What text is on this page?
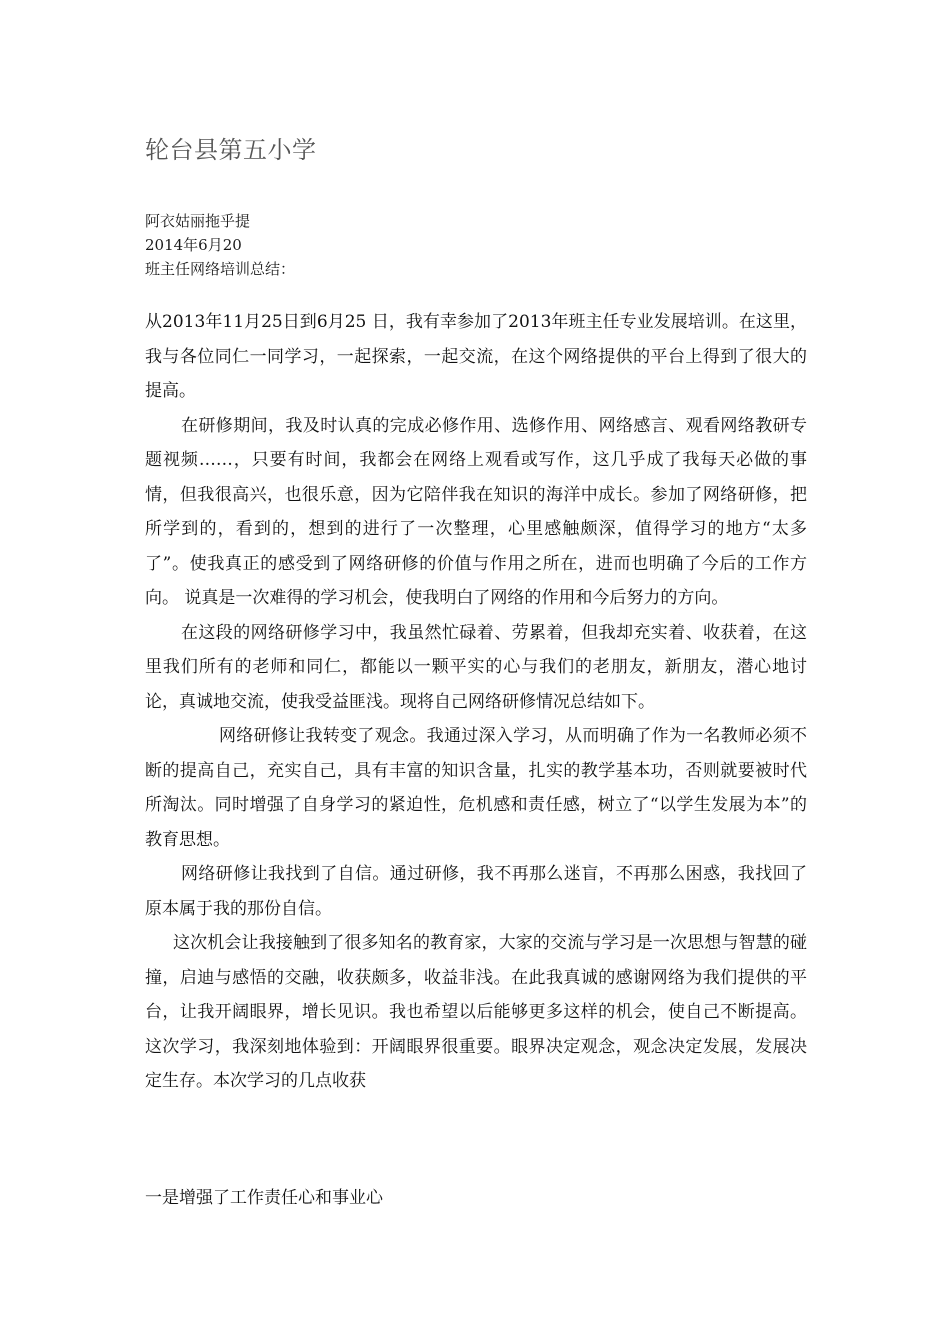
轮台县第五小学
阿衣姑丽拖乎提
2014年6月20
班主任网络培训总结：

从2013年11月25日到6月25 日，我有幸参加了2013年班主任专业发展培训。在这里，我与各位同仁一同学习，一起探索，一起交流，在这个网络提供的平台上得到了很大的提高。

在研修期间，我及时认真的完成必修作用、选修作用、网络感言、观看网络教研专题视频……，只要有时间，我都会在网络上观看或写作，这几乎成了我每天必做的事情，但我很高兴，也很乐意，因为它陪伴我在知识的海洋中成长。参加了网络研修，把所学到的，看到的，想到的进行了一次整理，心里感触颇深，值得学习的地方“太多了”。使我真正的感受到了网络研修的价值与作用之所在，进而也明确了今后的工作方向。 说真是一次难得的学习机会，使我明白了网络的作用和今后努力的方向。

在这段的网络研修学习中，我虽然忙碌着、劳累着，但我却充实着、收获着，在这里我们所有的老师和同仁，都能以一颗平实的心与我们的老朋友，新朋友，潜心地讨论，真诚地交流，使我受益匪浅。现将自己网络研修情况总结如下。

网络研修让我转变了观念。我通过深入学习，从而明确了作为一名教师必须不断的提高自己，充实自己，具有丰富的知识含量，扎实的教学基本功，否则就要被时代所淘汰。同时增强了自身学习的紧迫性，危机感和责任感，树立了“以学生发展为本”的教育思想。

网络研修让我找到了自信。通过研修，我不再那么迷盲，不再那么困惑，我找回了原本属于我的那份自信。

这次机会让我接触到了很多知名的教育家，大家的交流与学习是一次思想与智慧的碰撞，启迪与感悟的交融，收获颇多，收益非浅。在此我真诚的感谢网络为我们提供的平台，让我开阔眼界，增长见识。我也希望以后能够更多这样的机会，使自己不断提高。这次学习，我深刻地体验到：开阔眼界很重要。眼界决定观念，观念决定发展，发展决定生存。本次学习的几点收获

一是增强了工作责任心和事业心
